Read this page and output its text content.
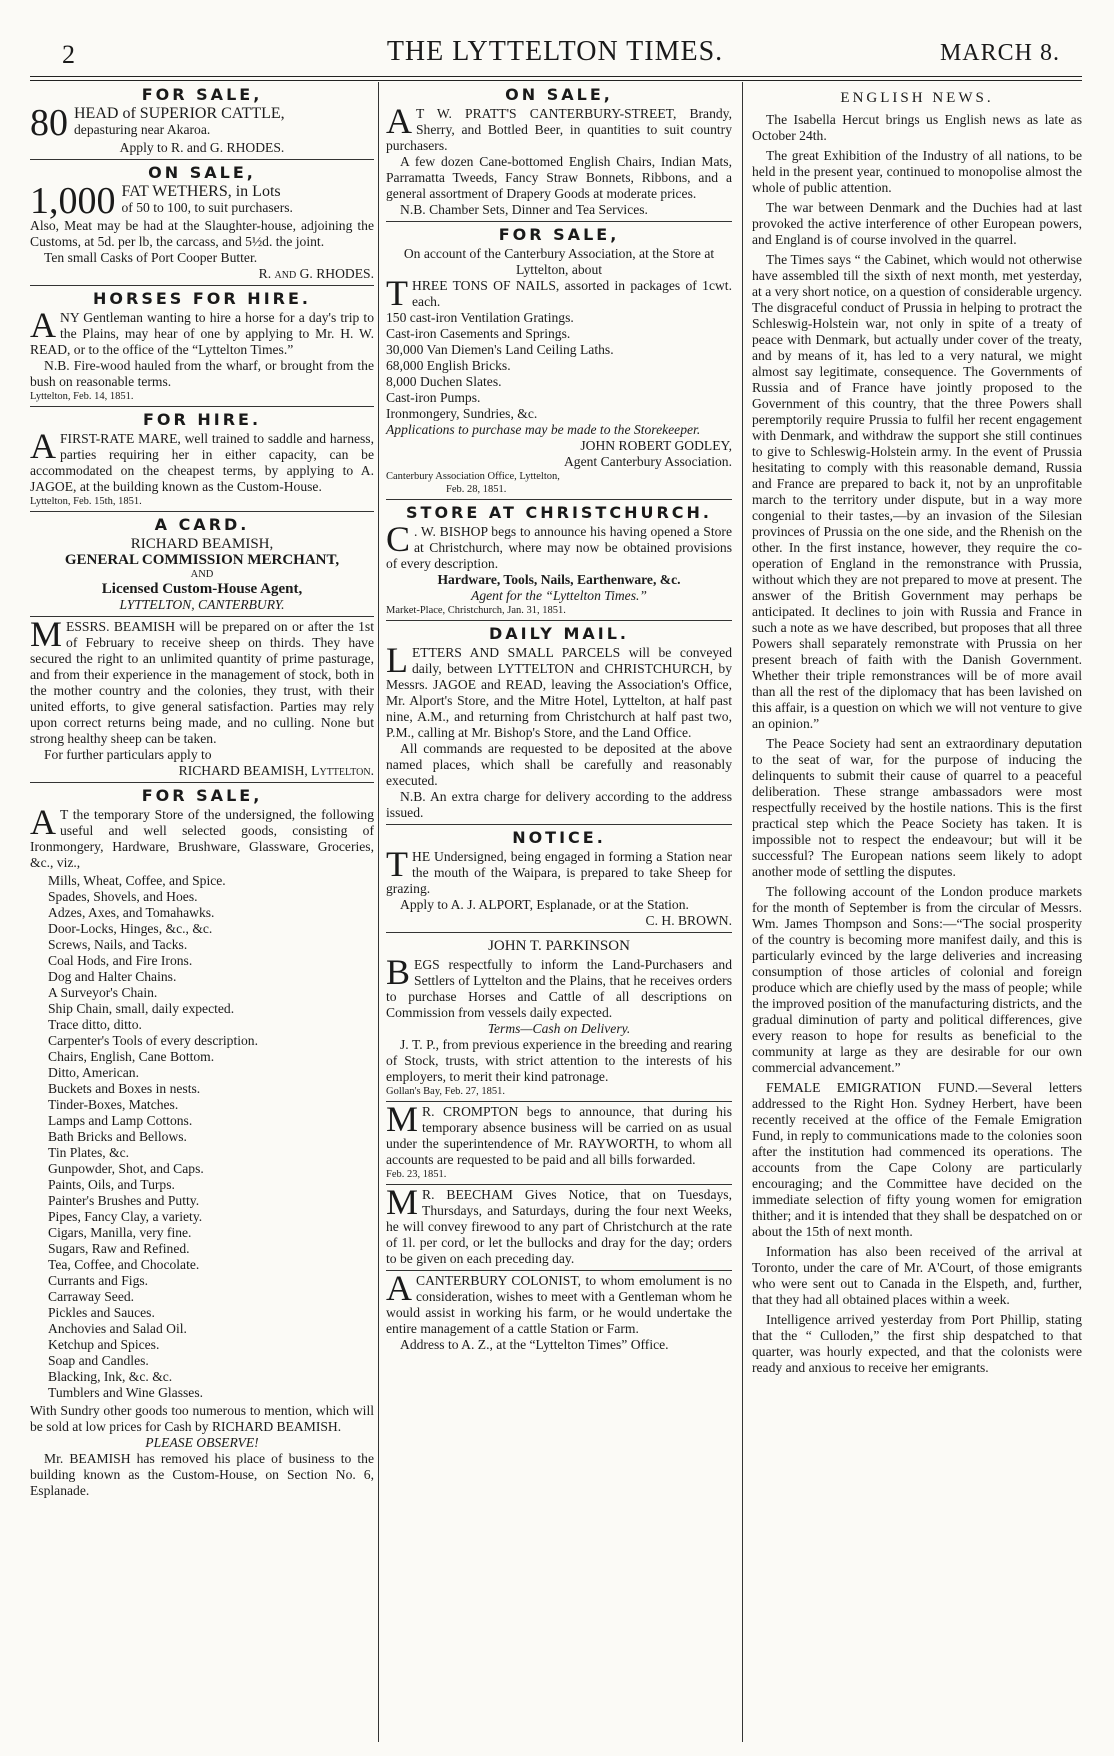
2	THE LYTTELTON TIMES.	MARCH 8.
FOR SALE,
80 HEAD of SUPERIOR CATTLE,

depasturing near Akaroa.

Apply to R. and G. RHODES.

ON SALE,
1,000 FAT WETHERS, in Lots

of 50 to 100, to suit purchasers.

Also, Meat may be had at the Slaughter-house, adjoining the Customs, at 5d. per lb, the carcass, and 5½d. the joint.

Ten small Casks of Port Cooper Butter.

R. and G. RHODES.

HORSES FOR HIRE.
A NY Gentleman wanting to hire a horse for a day's trip to the Plains, may hear of one by applying to Mr. H. W. READ, or to the office of the “Lyttelton Times.”

N.B. Fire-wood hauled from the wharf, or brought from the bush on reasonable terms.

Lyttelton, Feb. 14, 1851.

FOR HIRE.
A FIRST-RATE MARE, well trained to saddle and harness, parties requiring her in either capacity, can be accommodated on the cheapest terms, by applying to A. JAGOE, at the building known as the Custom-House.

Lyttelton, Feb. 15th, 1851.

A CARD.

RICHARD BEAMISH,

GENERAL COMMISSION MERCHANT,

AND

Licensed Custom-House Agent,

LYTTELTON, CANTERBURY.

M ESSRS. BEAMISH will be prepared on or after the 1st of February to receive sheep on thirds. They have secured the right to an unlimited quantity of prime pasturage, and from their experience in the management of stock, both in the mother country and the colonies, they trust, with their united efforts, to give general satisfaction. Parties may rely upon correct returns being made, and no culling. None but strong healthy sheep can be taken.

For further particulars apply to

RICHARD BEAMISH, Lyttelton.

FOR SALE,
A T the temporary Store of the undersigned, the following useful and well selected goods, consisting of Ironmongery, Hardware, Brushware, Glassware, Groceries, &c., viz.,

Mills, Wheat, Coffee, and Spice.
Spades, Shovels, and Hoes.
Adzes, Axes, and Tomahawks.
Door-Locks, Hinges, &c., &c.
Screws, Nails, and Tacks.
Coal Hods, and Fire Irons.
Dog and Halter Chains.
A Surveyor's Chain.
Ship Chain, small, daily expected.
Trace ditto, ditto.
Carpenter's Tools of every description.
Chairs, English, Cane Bottom.
Ditto, American.
Buckets and Boxes in nests.
Tinder-Boxes, Matches.
Lamps and Lamp Cottons.
Bath Bricks and Bellows.
Tin Plates, &c.
Gunpowder, Shot, and Caps.
Paints, Oils, and Turps.
Painter's Brushes and Putty.
Pipes, Fancy Clay, a variety.
Cigars, Manilla, very fine.
Sugars, Raw and Refined.
Tea, Coffee, and Chocolate.
Currants and Figs.
Carraway Seed.
Pickles and Sauces.
Anchovies and Salad Oil.
Ketchup and Spices.
Soap and Candles.
Blacking, Ink, &c. &c.
Tumblers and Wine Glasses.

With Sundry other goods too numerous to mention, which will be sold at low prices for Cash by RICHARD BEAMISH.

PLEASE OBSERVE!

Mr. BEAMISH has removed his place of business to the building known as the Custom-House, on Section No. 6, Esplanade.

ON SALE,
A T W. PRATT'S CANTERBURY-STREET, Brandy, Sherry, and Bottled Beer, in quantities to suit country purchasers.

A few dozen Cane-bottomed English Chairs, Indian Mats, Parramatta Tweeds, Fancy Straw Bonnets, Ribbons, and a general assortment of Drapery Goods at moderate prices.

N.B. Chamber Sets, Dinner and Tea Services.

FOR SALE,

On account of the Canterbury Association, at the Store at Lyttelton, about

T HREE TONS OF NAILS, assorted in packages of 1cwt. each.

150 cast-iron Ventilation Gratings.
Cast-iron Casements and Springs.
30,000 Van Diemen's Land Ceiling Laths.
68,000 English Bricks.
8,000 Duchen Slates.
Cast-iron Pumps.
Ironmongery, Sundries, &c.

Applications to purchase may be made to the Storekeeper.

JOHN ROBERT GODLEY,

Agent Canterbury Association.

Canterbury Association Office, Lyttelton,

Feb. 28, 1851.

STORE AT CHRISTCHURCH.
C . W. BISHOP begs to announce his having opened a Store at Christchurch, where may now be obtained provisions of every description.

Hardware, Tools, Nails, Earthenware, &c.

Agent for the “Lyttelton Times.”

Market-Place, Christchurch, Jan. 31, 1851.

DAILY MAIL.
L ETTERS AND SMALL PARCELS will be conveyed daily, between LYTTELTON and CHRISTCHURCH, by Messrs. JAGOE and READ, leaving the Association's Office, Mr. Alport's Store, and the Mitre Hotel, Lyttelton, at half past nine, A.M., and returning from Christchurch at half past two, P.M., calling at Mr. Bishop's Store, and the Land Office.

All commands are requested to be deposited at the above named places, which shall be carefully and reasonably executed.

N.B. An extra charge for delivery according to the address issued.

NOTICE.
T HE Undersigned, being engaged in forming a Station near the mouth of the Waipara, is prepared to take Sheep for grazing.

Apply to A. J. ALPORT, Esplanade, or at the Station.

C. H. BROWN.

JOHN T. PARKINSON

B EGS respectfully to inform the Land-Purchasers and Settlers of Lyttelton and the Plains, that he receives orders to purchase Horses and Cattle of all descriptions on Commission from vessels daily expected.

Terms—Cash on Delivery.

J. T. P., from previous experience in the breeding and rearing of Stock, trusts, with strict attention to the interests of his employers, to merit their kind patronage.

Gollan's Bay, Feb. 27, 1851.

M R. CROMPTON begs to announce, that during his temporary absence business will be carried on as usual under the superintendence of Mr. RAYWORTH, to whom all accounts are requested to be paid and all bills forwarded.

Feb. 23, 1851.

M R. BEECHAM Gives Notice, that on Tuesdays, Thursdays, and Saturdays, during the four next Weeks, he will convey firewood to any part of Christchurch at the rate of 1l. per cord, or let the bullocks and dray for the day; orders to be given on each preceding day.

A CANTERBURY COLONIST, to whom emolument is no consideration, wishes to meet with a Gentleman whom he would assist in working his farm, or he would undertake the entire management of a cattle Station or Farm.

Address to A. Z., at the “Lyttelton Times” Office.

ENGLISH NEWS.

The Isabella Hercut brings us English news as late as October 24th.

The great Exhibition of the Industry of all nations, to be held in the present year, continued to monopolise almost the whole of public attention.

The war between Denmark and the Duchies had at last provoked the active interference of other European powers, and England is of course involved in the quarrel.

The Times says “ the Cabinet, which would not otherwise have assembled till the sixth of next month, met yesterday, at a very short notice, on a question of considerable urgency. The disgraceful conduct of Prussia in helping to protract the Schleswig-Holstein war, not only in spite of a treaty of peace with Denmark, but actually under cover of the treaty, and by means of it, has led to a very natural, we might almost say legitimate, consequence. The Governments of Russia and of France have jointly proposed to the Government of this country, that the three Powers shall peremptorily require Prussia to fulfil her recent engagement with Denmark, and withdraw the support she still continues to give to Schleswig-Holstein army. In the event of Prussia hesitating to comply with this reasonable demand, Russia and France are prepared to back it, not by an unprofitable march to the territory under dispute, but in a way more congenial to their tastes,—by an invasion of the Silesian provinces of Prussia on the one side, and the Rhenish on the other. In the first instance, however, they require the co-operation of England in the remonstrance with Prussia, without which they are not prepared to move at present. The answer of the British Government may perhaps be anticipated. It declines to join with Russia and France in such a note as we have described, but proposes that all three Powers shall separately remonstrate with Prussia on her present breach of faith with the Danish Government. Whether their triple remonstrances will be of more avail than all the rest of the diplomacy that has been lavished on this affair, is a question on which we will not venture to give an opinion.”

The Peace Society had sent an extraordinary deputation to the seat of war, for the purpose of inducing the delinquents to submit their cause of quarrel to a peaceful deliberation. These strange ambassadors were most respectfully received by the hostile nations. This is the first practical step which the Peace Society has taken. It is impossible not to respect the endeavour; but will it be successful? The European nations seem likely to adopt another mode of settling the disputes.

The following account of the London produce markets for the month of September is from the circular of Messrs. Wm. James Thompson and Sons:—“The social prosperity of the country is becoming more manifest daily, and this is particularly evinced by the large deliveries and increasing consumption of those articles of colonial and foreign produce which are chiefly used by the mass of people; while the improved position of the manufacturing districts, and the gradual diminution of party and political differences, give every reason to hope for results as beneficial to the community at large as they are desirable for our own commercial advancement.”

FEMALE EMIGRATION FUND.—Several letters addressed to the Right Hon. Sydney Herbert, have been recently received at the office of the Female Emigration Fund, in reply to communications made to the colonies soon after the institution had commenced its operations. The accounts from the Cape Colony are particularly encouraging; and the Committee have decided on the immediate selection of fifty young women for emigration thither; and it is intended that they shall be despatched on or about the 15th of next month.

Information has also been received of the arrival at Toronto, under the care of Mr. A'Court, of those emigrants who were sent out to Canada in the Elspeth, and, further, that they had all obtained places within a week.

Intelligence arrived yesterday from Port Phillip, stating that the “ Culloden,” the first ship despatched to that quarter, was hourly expected, and that the colonists were ready and anxious to receive her emigrants.
